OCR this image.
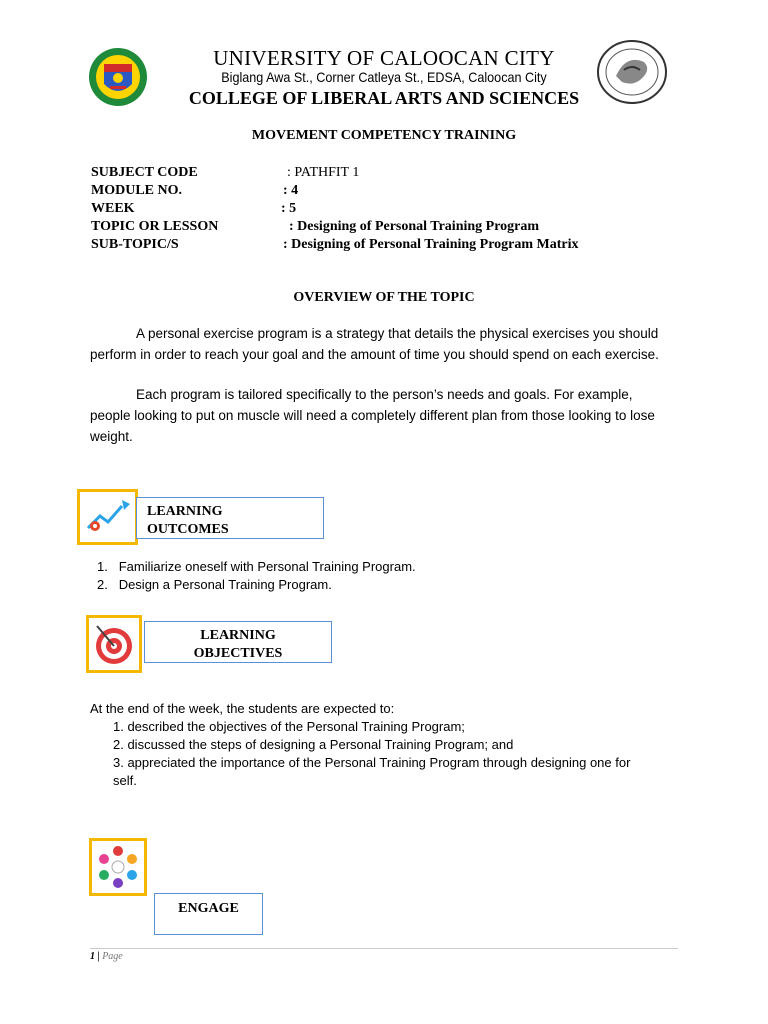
UNIVERSITY OF CALOOCAN CITY
Biglang Awa St., Corner Catleya St., EDSA, Caloocan City
COLLEGE OF LIBERAL ARTS AND SCIENCES
MOVEMENT COMPETENCY TRAINING
SUBJECT CODE	: PATHFIT 1
MODULE NO.	: 4
WEEK	: 5
TOPIC OR LESSON	: Designing of Personal Training Program
SUB-TOPIC/S	: Designing of Personal Training Program Matrix
OVERVIEW OF THE TOPIC
A personal exercise program is a strategy that details the physical exercises you should
perform in order to reach your goal and the amount of time you should spend on each exercise.
Each program is tailored specifically to the person’s needs and goals. For example,
people looking to put on muscle will need a completely different plan from those looking to lose
weight.
LEARNING
OUTCOMES
1.   Familiarize oneself with Personal Training Program.
2.   Design a Personal Training Program.
LEARNING
OBJECTIVES
At the end of the week, the students are expected to:
1. described the objectives of the Personal Training Program;
2. discussed the steps of designing a Personal Training Program; and
3. appreciated the importance of the Personal Training Program through designing one for
self.
ENGAGE
1 | Page
